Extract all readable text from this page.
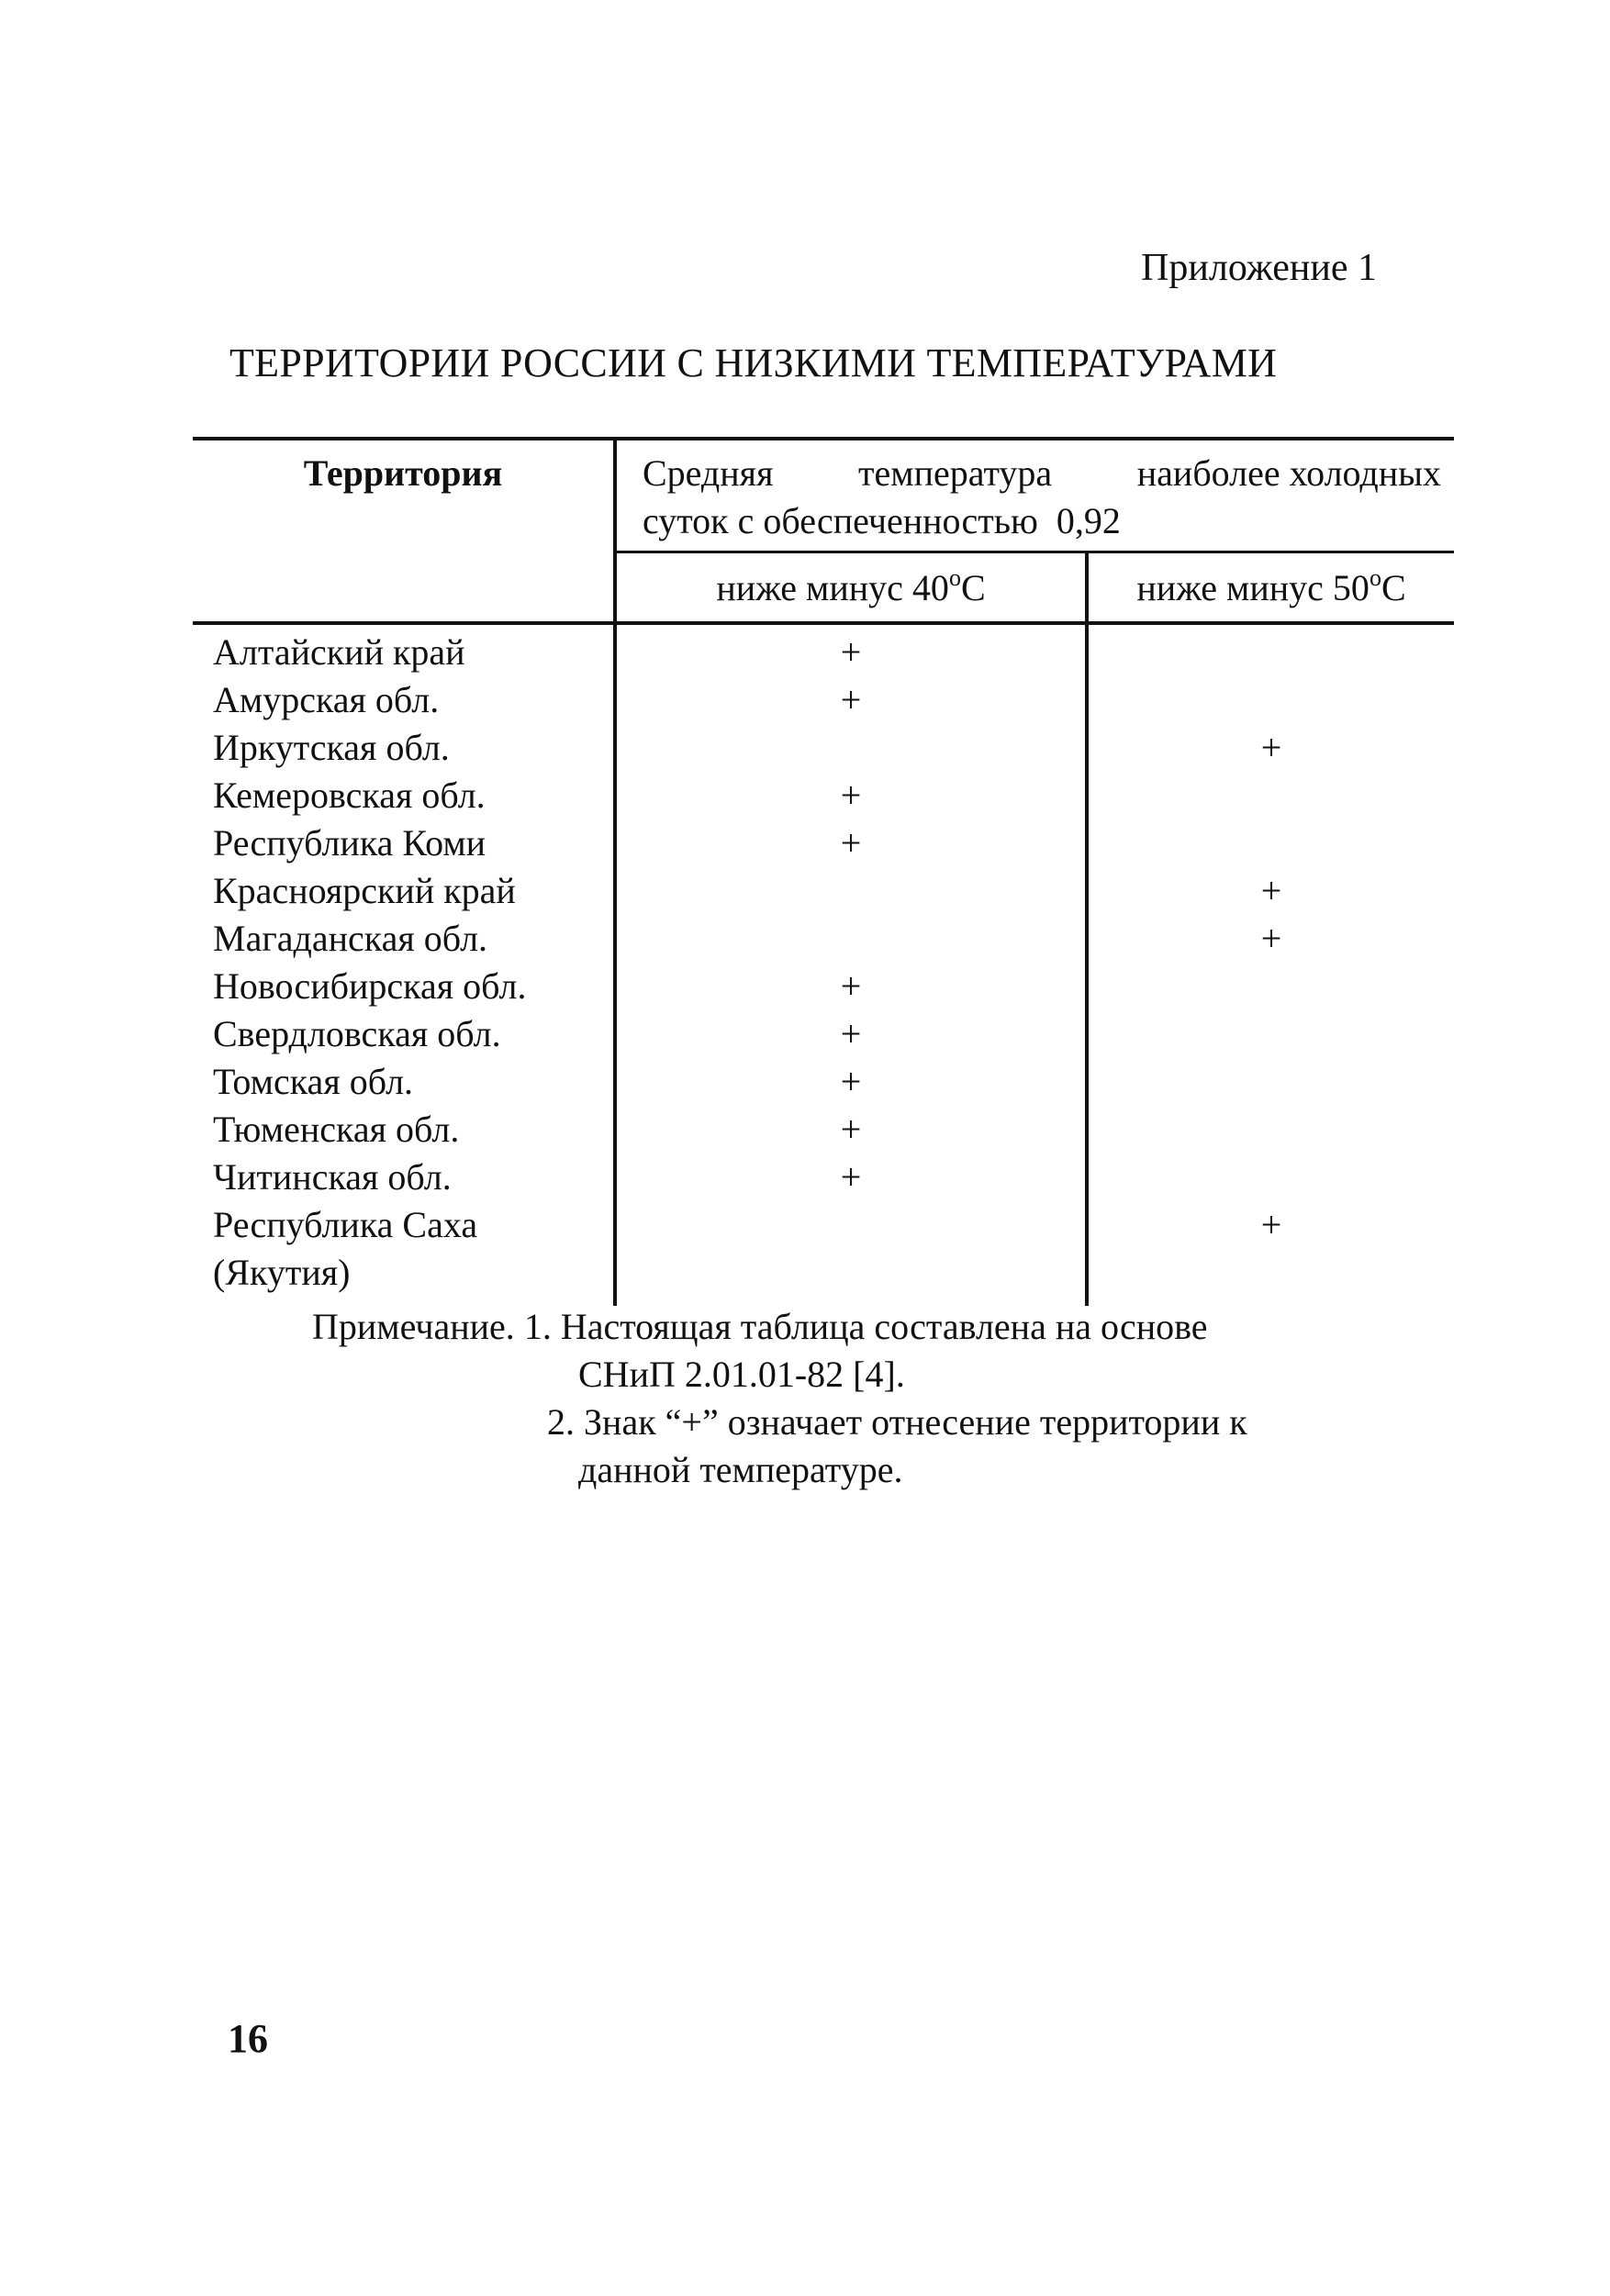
Приложение 1
ТЕРРИТОРИИ РОССИИ С НИЗКИМИ ТЕМПЕРАТУРАМИ
Территория	Средняя температура наиболее холодных
суток с обеспеченностью  0,92	

	ниже минус 40$^o$С	ниже минус 50$^o$С
Алтайский край	+	
Амурская обл.	+	
Иркутская обл.		+
Кемеровская обл.	+	
Республика Коми	+	
Красноярский край		+
Магаданская обл.		+
Новосибирская обл.	+	
Свердловская обл.	+	
Томская обл.	+	
Тюменская обл.	+	
Читинская обл.	+	

Республика Саха
(Якутия)		+
Примечание.
1. Настоящая таблица составлена на основе
СНиП 2.01.01-82 [4].
2. Знак “+” означает отнесение территории к
данной температуре.
16
